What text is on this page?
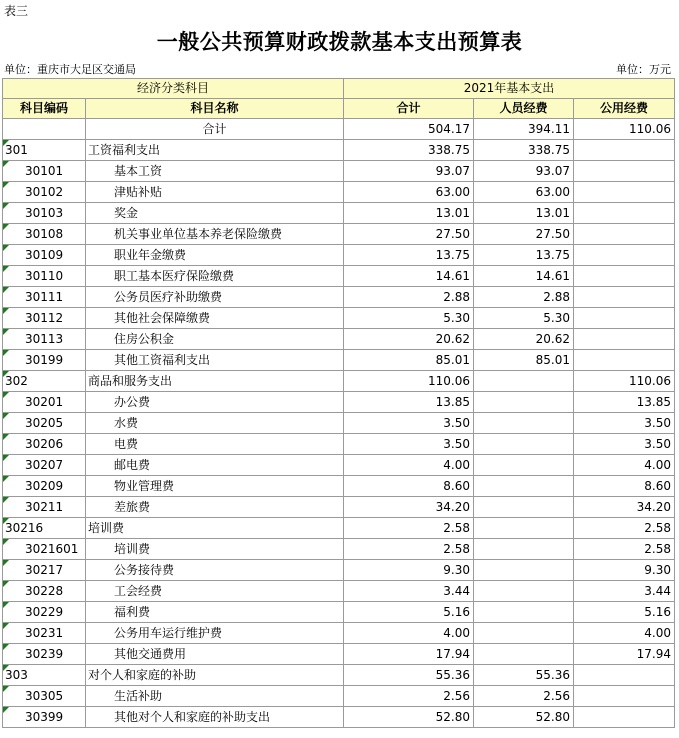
表三
一般公共预算财政拨款基本支出预算表
单位：重庆市大足区交通局	单位：万元
经济分类科目		2021年基本支出		
科目编码	科目名称	合计	人员经费	公用经费
	合计	504.17	394.11	110.06

301	工资福利支出	338.75	338.75	

30101	基本工资	93.07	93.07	

30102	津贴补贴	63.00	63.00	

30103	奖金	13.01	13.01	

30108	机关事业单位基本养老保险缴费	27.50	27.50	

30109	职业年金缴费	13.75	13.75	

30110	职工基本医疗保险缴费	14.61	14.61	

30111	公务员医疗补助缴费	2.88	2.88	

30112	其他社会保障缴费	5.30	5.30	

30113	住房公积金	20.62	20.62	

30199	其他工资福利支出	85.01	85.01	

302	商品和服务支出	110.06		110.06

30201	办公费	13.85		13.85

30205	水费	3.50		3.50

30206	电费	3.50		3.50

30207	邮电费	4.00		4.00

30209	物业管理费	8.60		8.60

30211	差旅费	34.20		34.20

30216	培训费	2.58		2.58

3021601	培训费	2.58		2.58

30217	公务接待费	9.30		9.30

30228	工会经费	3.44		3.44

30229	福利费	5.16		5.16

30231	公务用车运行维护费	4.00		4.00

30239	其他交通费用	17.94		17.94

303	对个人和家庭的补助	55.36	55.36	

30305	生活补助	2.56	2.56	

30399	其他对个人和家庭的补助支出	52.80	52.80	
